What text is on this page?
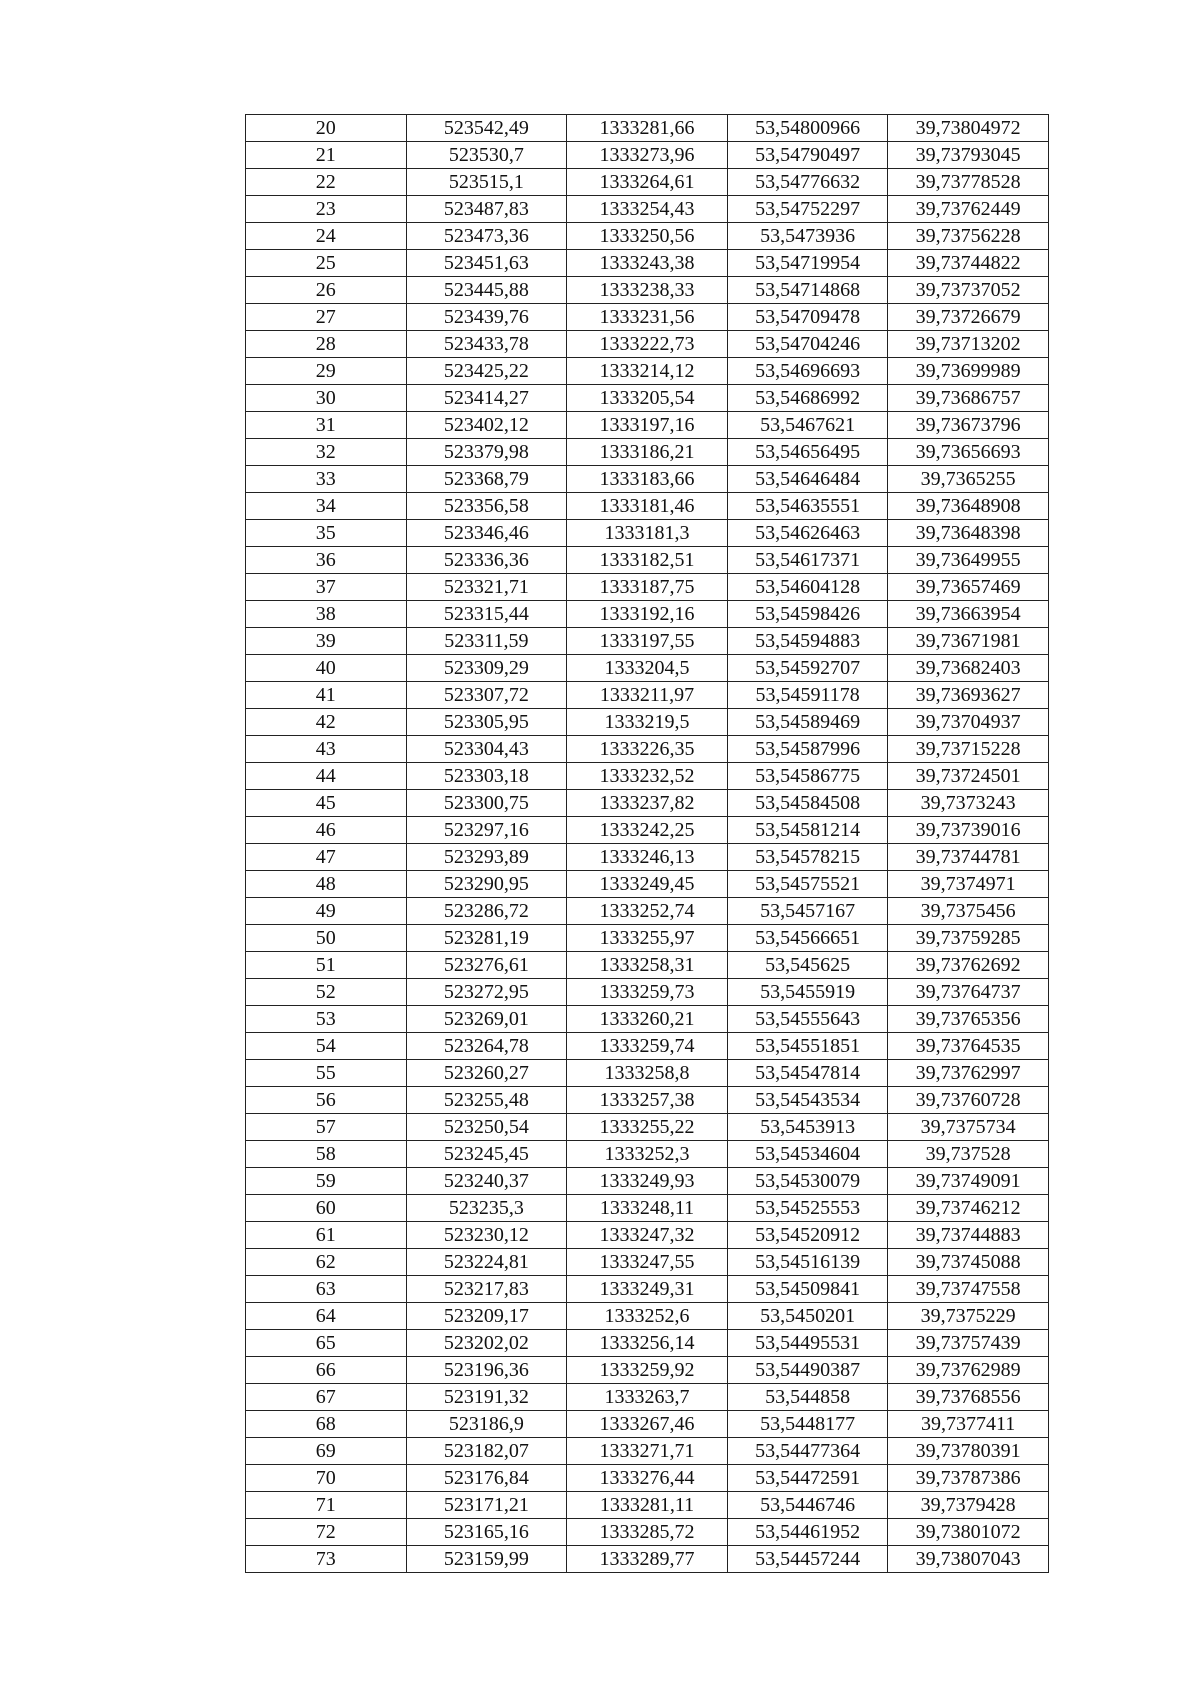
20	523542,49	1333281,66	53,54800966	39,73804972
21	523530,7	1333273,96	53,54790497	39,73793045
22	523515,1	1333264,61	53,54776632	39,73778528
23	523487,83	1333254,43	53,54752297	39,73762449
24	523473,36	1333250,56	53,5473936	39,73756228
25	523451,63	1333243,38	53,54719954	39,73744822
26	523445,88	1333238,33	53,54714868	39,73737052
27	523439,76	1333231,56	53,54709478	39,73726679
28	523433,78	1333222,73	53,54704246	39,73713202
29	523425,22	1333214,12	53,54696693	39,73699989
30	523414,27	1333205,54	53,54686992	39,73686757
31	523402,12	1333197,16	53,5467621	39,73673796
32	523379,98	1333186,21	53,54656495	39,73656693
33	523368,79	1333183,66	53,54646484	39,7365255
34	523356,58	1333181,46	53,54635551	39,73648908
35	523346,46	1333181,3	53,54626463	39,73648398
36	523336,36	1333182,51	53,54617371	39,73649955
37	523321,71	1333187,75	53,54604128	39,73657469
38	523315,44	1333192,16	53,54598426	39,73663954
39	523311,59	1333197,55	53,54594883	39,73671981
40	523309,29	1333204,5	53,54592707	39,73682403
41	523307,72	1333211,97	53,54591178	39,73693627
42	523305,95	1333219,5	53,54589469	39,73704937
43	523304,43	1333226,35	53,54587996	39,73715228
44	523303,18	1333232,52	53,54586775	39,73724501
45	523300,75	1333237,82	53,54584508	39,7373243
46	523297,16	1333242,25	53,54581214	39,73739016
47	523293,89	1333246,13	53,54578215	39,73744781
48	523290,95	1333249,45	53,54575521	39,7374971
49	523286,72	1333252,74	53,5457167	39,7375456
50	523281,19	1333255,97	53,54566651	39,73759285
51	523276,61	1333258,31	53,545625	39,73762692
52	523272,95	1333259,73	53,5455919	39,73764737
53	523269,01	1333260,21	53,54555643	39,73765356
54	523264,78	1333259,74	53,54551851	39,73764535
55	523260,27	1333258,8	53,54547814	39,73762997
56	523255,48	1333257,38	53,54543534	39,73760728
57	523250,54	1333255,22	53,5453913	39,7375734
58	523245,45	1333252,3	53,54534604	39,737528
59	523240,37	1333249,93	53,54530079	39,73749091
60	523235,3	1333248,11	53,54525553	39,73746212
61	523230,12	1333247,32	53,54520912	39,73744883
62	523224,81	1333247,55	53,54516139	39,73745088
63	523217,83	1333249,31	53,54509841	39,73747558
64	523209,17	1333252,6	53,5450201	39,7375229
65	523202,02	1333256,14	53,54495531	39,73757439
66	523196,36	1333259,92	53,54490387	39,73762989
67	523191,32	1333263,7	53,544858	39,73768556
68	523186,9	1333267,46	53,5448177	39,7377411
69	523182,07	1333271,71	53,54477364	39,73780391
70	523176,84	1333276,44	53,54472591	39,73787386
71	523171,21	1333281,11	53,5446746	39,7379428
72	523165,16	1333285,72	53,54461952	39,73801072
73	523159,99	1333289,77	53,54457244	39,73807043
